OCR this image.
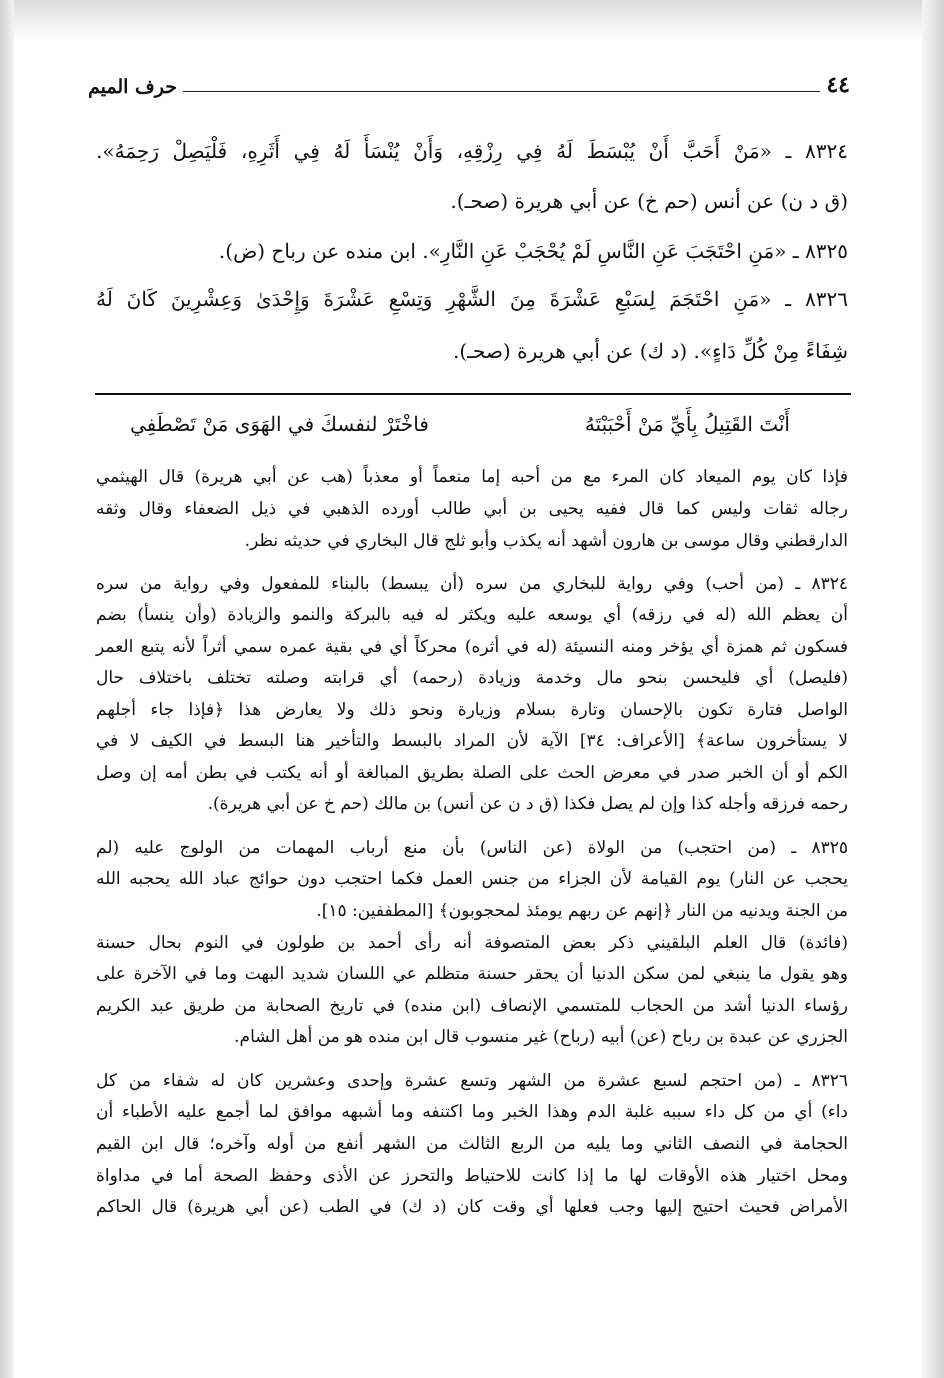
٤٤
حرف الميم
أَنْتَ القَتِيلُ بِأَيِّ مَنْ أَحْبَبْتَهُ
فاخْتَرْ لنفسكَ في الهَوَى مَنْ تَصْطَفِي
٨٣٢٤ ـ «مَنْ أَحَبَّ أَنْ يُبْسَطَ لَهُ فِي رِزْقِهِ، وَأَنْ يُنْسَأَ لَهُ فِي أَثَرِهِ، فَلْيَصِلْ رَحِمَهُ».
(ق د ن) عن أنس (حم خ) عن أبي هريرة (صحـ).
٨٣٢٥ ـ «مَنِ احْتَجَبَ عَنِ النَّاسِ لَمْ يُحْجَبْ عَنِ النَّارِ». ابن منده عن رباح (ض).
٨٣٢٦ ـ «مَنِ احْتَجَمَ لِسَبْعِ عَشْرَةَ مِنَ الشَّهْرِ وَتِسْعِ عَشْرَةَ وَإِحْدَىٰ وَعِشْرِينَ كَانَ لَهُ
شِفَاءً مِنْ كُلِّ دَاءٍ». (د ك) عن أبي هريرة (صحـ).
فإذا كان يوم الميعاد كان المرء مع من أحبه إما منعماً أو معذباً (هب عن أبي هريرة) قال الهيثمي
رجاله ثقات وليس كما قال ففيه يحيى بن أبي طالب أورده الذهبي في ذيل الضعفاء وقال وثقه
الدارقطني وقال موسى بن هارون أشهد أنه يكذب وأبو ثلج قال البخاري في حديثه نظر.
٨٣٢٤ ـ (من أحب) وفي رواية للبخاري من سره (أن يبسط) بالبناء للمفعول وفي رواية من سره
أن يعظم الله (له في رزقه) أي يوسعه عليه ويكثر له فيه بالبركة والنمو والزيادة (وأن ينسأ) بضم
فسكون ثم همزة أي يؤخر ومنه النسيئة (له في أثره) محركاً أي في بقية عمره سمي أثراً لأنه يتبع العمر
(فليصل) أي فليحسن بنحو مال وخدمة وزيادة (رحمه) أي قرابته وصلته تختلف باختلاف حال
الواصل فتارة تكون بالإحسان وتارة بسلام وزيارة ونحو ذلك ولا يعارض هذا ﴿فإذا جاء أجلهم
لا يستأخرون ساعة﴾ [الأعراف: ٣٤] الآية لأن المراد بالبسط والتأخير هنا البسط في الكيف لا في
الكم أو أن الخبر صدر في معرض الحث على الصلة بطريق المبالغة أو أنه يكتب في بطن أمه إن وصل
رحمه فرزقه وأجله كذا وإن لم يصل فكذا (ق د ن عن أنس) بن مالك (حم خ عن أبي هريرة).
٨٣٢٥ ـ (من احتجب) من الولاة (عن الناس) بأن منع أرباب المهمات من الولوج عليه (لم
يحجب عن النار) يوم القيامة لأن الجزاء من جنس العمل فكما احتجب دون حوائج عباد الله يحجبه الله
من الجنة ويدنيه من النار ﴿إنهم عن ربهم يومئذ لمحجوبون﴾ [المطففين: ١٥].
(فائدة) قال العلم البلقيني ذكر بعض المتصوفة أنه رأى أحمد بن طولون في النوم بحال حسنة
وهو يقول ما ينبغي لمن سكن الدنيا أن يحقر حسنة متظلم عي اللسان شديد البهت وما في الآخرة على
رؤساء الدنيا أشد من الحجاب للمتسمي الإنصاف (ابن منده) في تاريخ الصحابة من طريق عبد الكريم
الجزري عن عبدة بن رباح (عن) أبيه (رباح) غير منسوب قال ابن منده هو من أهل الشام.
٨٣٢٦ ـ (من احتجم لسبع عشرة من الشهر وتسع عشرة وإحدى وعشرين كان له شفاء من كل
داء) أي من كل داء سببه غلبة الدم وهذا الخبر وما اكتنفه وما أشبهه موافق لما أجمع عليه الأطباء أن
الحجامة في النصف الثاني وما يليه من الربع الثالث من الشهر أنفع من أوله وآخره؛ قال ابن القيم
ومحل اختيار هذه الأوقات لها ما إذا كانت للاحتياط والتحرز عن الأذى وحفظ الصحة أما في مداواة
الأمراض فحيث احتيج إليها وجب فعلها أي وقت كان (د ك) في الطب (عن أبي هريرة) قال الحاكم
